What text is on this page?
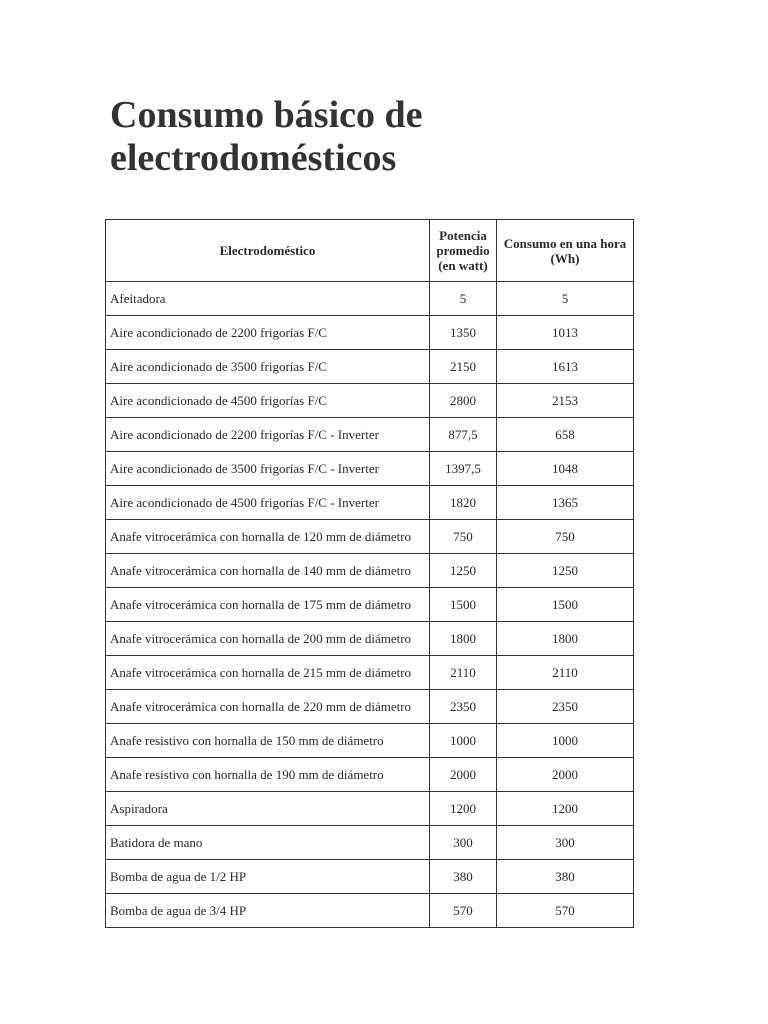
Consumo básico de
electrodomésticos
Electrodoméstico	Potencia promedio (en watt)	Consumo en una hora (Wh)
Afeitadora	5	5
Aire acondicionado de 2200 frigorías F/C	1350	1013
Aire acondicionado de 3500 frigorías F/C	2150	1613
Aire acondicionado de 4500 frigorías F/C	2800	2153
Aire acondicionado de 2200 frigorías F/C - Inverter	877,5	658
Aire acondicionado de 3500 frigorías F/C - Inverter	1397,5	1048
Aire acondicionado de 4500 frigorías F/C - Inverter	1820	1365
Anafe vitrocerámica con hornalla de 120 mm de diámetro	750	750
Anafe vitrocerámica con hornalla de 140 mm de diámetro	1250	1250
Anafe vitrocerámica con hornalla de 175 mm de diámetro	1500	1500
Anafe vitrocerámica con hornalla de 200 mm de diámetro	1800	1800
Anafe vitrocerámica con hornalla de 215 mm de diámetro	2110	2110
Anafe vitrocerámica con hornalla de 220 mm de diámetro	2350	2350
Anafe resistivo con hornalla de 150 mm de diámetro	1000	1000
Anafe resistivo con hornalla de 190 mm de diámetro	2000	2000
Aspiradora	1200	1200
Batidora de mano	300	300
Bomba de agua de 1/2 HP	380	380
Bomba de agua de 3/4 HP	570	570
